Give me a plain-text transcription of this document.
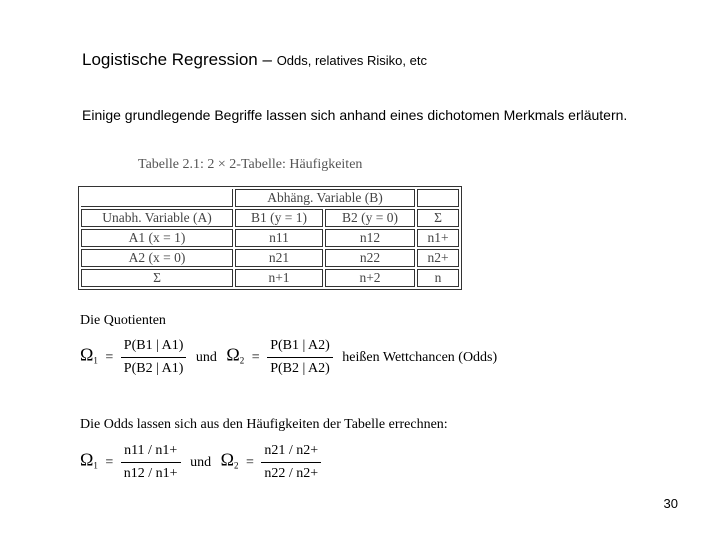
Logistische Regression – Odds, relatives Risiko, etc
Einige grundlegende Begriffe lassen sich anhand eines dichotomen Merkmals erläutern.
Tabelle 2.1: 2 × 2-Tabelle: Häufigkeiten
	Abhäng. Variable (B)		
Unabh. Variable (A)	B1 (y = 1)	B2 (y = 0)	Σ
A1 (x = 1)	n11	n12	n1+
A2 (x = 0)	n21	n22	n2+
Σ	n+1	n+2	n
Die Quotienten
$\Omega_1 = \frac{P(B1 | A1)}{P(B2 | A1)}$ und $\Omega_2 = \frac{P(B1 | A2)}{P(B2 | A2)}$ heißen Wettchancen (Odds)
Die Odds lassen sich aus den Häufigkeiten der Tabelle errechnen:
$\Omega_1 = \frac{n11 / n1+}{n12 / n1+}$ und $\Omega_2 = \frac{n21 / n2+}{n22 / n2+}$
30
